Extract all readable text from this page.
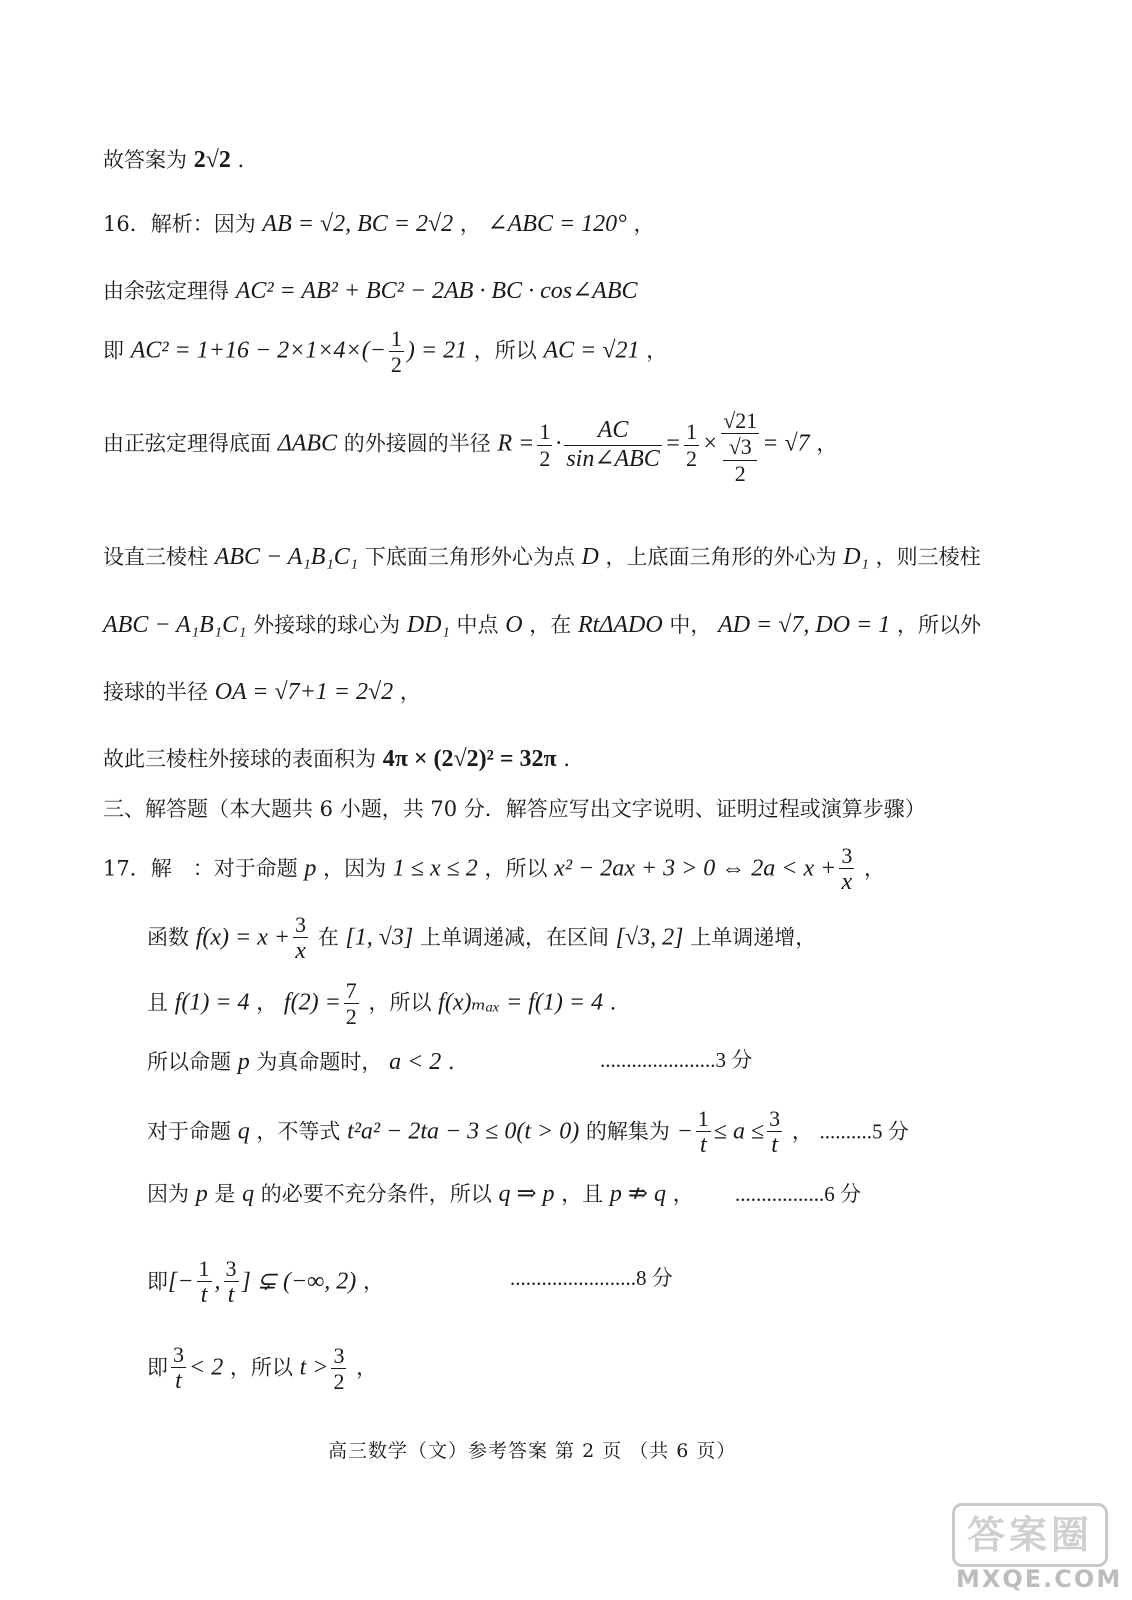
故答案为 2√2 .
16．解析：因为 AB = √2, BC = 2√2 ， ∠ABC = 120° ，
由余弦定理得 AC² = AB² + BC² − 2AB · BC · cos∠ABC
即 $AC^2 = 1+16 - 2\times 1\times 4\times(- \frac{1}{2}$ ) = 21 ，所以 AC = √21 ，
由正弦定理得底面 ΔABC 的外接圆的半径 $R = \frac{1}{2} \cdot \frac{AC}{\text{sin∠ABC}} = \frac{1}{2} \times √21$
√3
2 = √7 ，
设直三棱柱 ABC − A₁B₁C₁ 下底面三角形外心为点 D ，上底面三角形的外心为 D₁ ，则三棱柱
ABC − A₁B₁C₁ 外接球的球心为 DD₁ 中点 O ，在 RtΔADO 中， AD = √7, DO = 1 ，所以外
接球的半径 OA = √7+1 = 2√2 ，
故此三棱柱外接球的表面积为 4π × (2√2)² = 32π .
三、解答题（本大题共 6 小题，共 70 分．解答应写出文字说明、证明过程或演算步骤）
17．解　：对于命题 p ，因为 1 ≤ x ≤ 2 ，所以 x² − 2ax + 3 > 0 ⇔ $2a < x + \frac{3}{x}$ ，
函数 $f(x) = x + \frac{3}{x}$ 在 [1, √3] 上单调递减，在区间 [√3, 2] 上单调递增，
且 f(1) = 4 ， $f(2) = \frac{7}{2}$ ，所以 f(x)ₘₐₓ = f(1) = 4 .
所以命题 p 为真命题时， a < 2 ．	......................3 分
对于命题 q ，不等式 t²a² − 2ta − 3 ≤ 0(t > 0) 的解集为 − $\frac{1}{t} \le a \le \frac{3}{t}$ ， ..........5 分
因为 p 是 q 的必要不充分条件，所以 q ⇒ p ，且 p ⇏ q ， .................6 分
即[− $\frac{1}{t}$ , $\frac{3}{t}$ ] ⊊ (−∞, 2) ，	........................8 分
即 $\frac{3}{t} < 2$ ，所以 $t > \frac{3}{2}$ ，
高三数学（文）参考答案 第 2 页 （共 6 页）
答案圈
MXQE.COM
